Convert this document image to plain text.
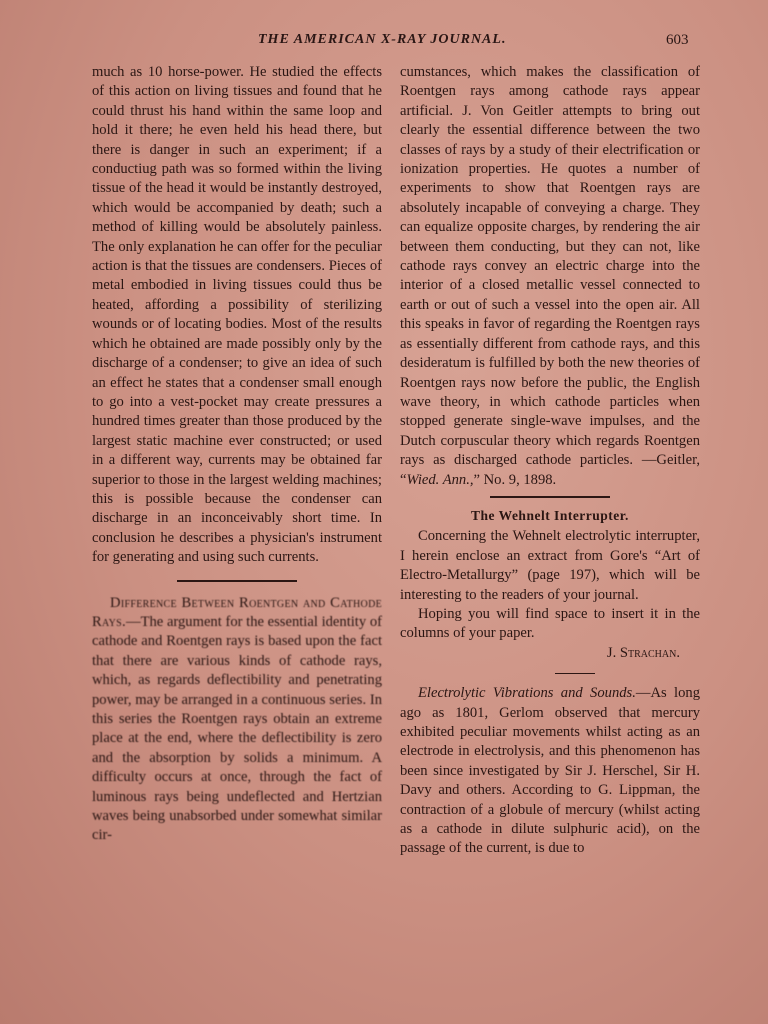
THE AMERICAN X-RAY JOURNAL.	603

much as 10 horse-power. He studied the effects of this action on living tissues and found that he could thrust his hand within the same loop and hold it there; he even held his head there, but there is danger in such an experiment; if a conductiug path was so formed within the living tissue of the head it would be instantly destroyed, which would be accompanied by death; such a method of killing would be absolutely painless. The only explanation he can offer for the peculiar action is that the tissues are condensers. Pieces of metal embodied in living tissues could thus be heated, affording a possibility of sterilizing wounds or of locating bodies. Most of the results which he obtained are made possibly only by the discharge of a condenser; to give an idea of such an effect he states that a condenser small enough to go into a vest-pocket may create pressures a hundred times greater than those produced by the largest static machine ever constructed; or used in a different way, currents may be obtained far superior to those in the largest welding machines; this is possible because the condenser can discharge in an inconceivably short time. In conclusion he describes a physician's instrument for generating and using such currents.

Difference Between Roentgen and Cathode Rays.—The argument for the essential identity of cathode and Roentgen rays is based upon the fact that there are various kinds of cathode rays, which, as regards deflectibility and penetrating power, may be arranged in a continuous series. In this series the Roentgen rays obtain an extreme place at the end, where the deflectibility is zero and the absorption by solids a minimum. A difficulty occurs at once, through the fact of luminous rays being undeflected and Hertzian waves being unabsorbed under somewhat similar cir-

cumstances, which makes the classification of Roentgen rays among cathode rays appear artificial. J. Von Geitler attempts to bring out clearly the essential difference between the two classes of rays by a study of their electrification or ionization properties. He quotes a number of experiments to show that Roentgen rays are absolutely incapable of conveying a charge. They can equalize opposite charges, by rendering the air between them conducting, but they can not, like cathode rays convey an electric charge into the interior of a closed metallic vessel connected to earth or out of such a vessel into the open air. All this speaks in favor of regarding the Roentgen rays as essentially different from cathode rays, and this desideratum is fulfilled by both the new theories of Roentgen rays now before the public, the English wave theory, in which cathode particles when stopped generate single-wave impulses, and the Dutch corpuscular theory which regards Roentgen rays as discharged cathode particles. —Geitler, “Wied. Ann.,” No. 9, 1898.

The Wehnelt Interrupter.

Concerning the Wehnelt electrolytic interrupter, I herein enclose an extract from Gore's “Art of Electro-Metallurgy” (page 197), which will be interesting to the readers of your journal.

Hoping you will find space to insert it in the columns of your paper.

J. Strachan.

Electrolytic Vibrations and Sounds.—As long ago as 1801, Gerlom observed that mercury exhibited peculiar movements whilst acting as an electrode in electrolysis, and this phenomenon has been since investigated by Sir J. Herschel, Sir H. Davy and others. According to G. Lippman, the contraction of a globule of mercury (whilst acting as a cathode in dilute sulphuric acid), on the passage of the current, is due to
